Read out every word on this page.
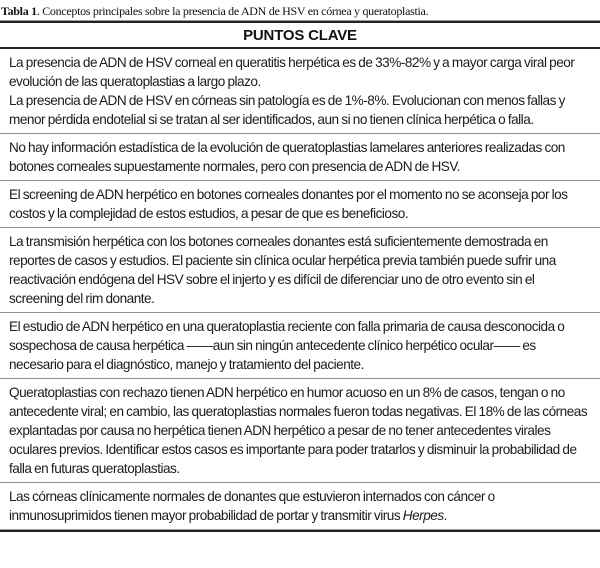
Tabla 1. Conceptos principales sobre la presencia de ADN de HSV en córnea y queratoplastia.
PUNTOS CLAVE

La presencia de ADN de HSV corneal en queratitis herpética es de 33%-82% y a mayor carga viral peor evolución de las queratoplastias a largo plazo.

La presencia de ADN de HSV en córneas sin patología es de 1%-8%. Evolucionan con menos fallas y menor pérdida endotelial si se tratan al ser identificados, aun si no tienen clínica herpética o falla.

No hay información estadística de la evolución de queratoplastias lamelares anteriores realizadas con botones corneales supuestamente normales, pero con presencia de ADN de HSV.

El screening de ADN herpético en botones corneales donantes por el momento no se aconseja por los costos y la complejidad de estos estudios, a pesar de que es beneficioso.

La transmisión herpética con los botones corneales donantes está suficientemente demostrada en reportes de casos y estudios. El paciente sin clínica ocular herpética previa también puede sufrir una reactivación endógena del HSV sobre el injerto y es difícil de diferenciar uno de otro evento sin el screening del rim donante.

El estudio de ADN herpético en una queratoplastia reciente con falla primaria de causa desconocida o sospechosa de causa herpética ——aun sin ningún antecedente clínico herpético ocular—— es necesario para el diagnóstico, manejo y tratamiento del paciente.

Queratoplastias con rechazo tienen ADN herpético en humor acuoso en un 8% de casos, tengan o no antecedente viral; en cambio, las queratoplastias normales fueron todas negativas. El 18% de las córneas explantadas por causa no herpética tienen ADN herpético a pesar de no tener antecedentes virales oculares previos. Identificar estos casos es importante para poder tratarlos y disminuir la probabilidad de falla en futuras queratoplastias.

Las córneas clínicamente normales de donantes que estuvieron internados con cáncer o inmunosuprimidos tienen mayor probabilidad de portar y transmitir virus Herpes.
